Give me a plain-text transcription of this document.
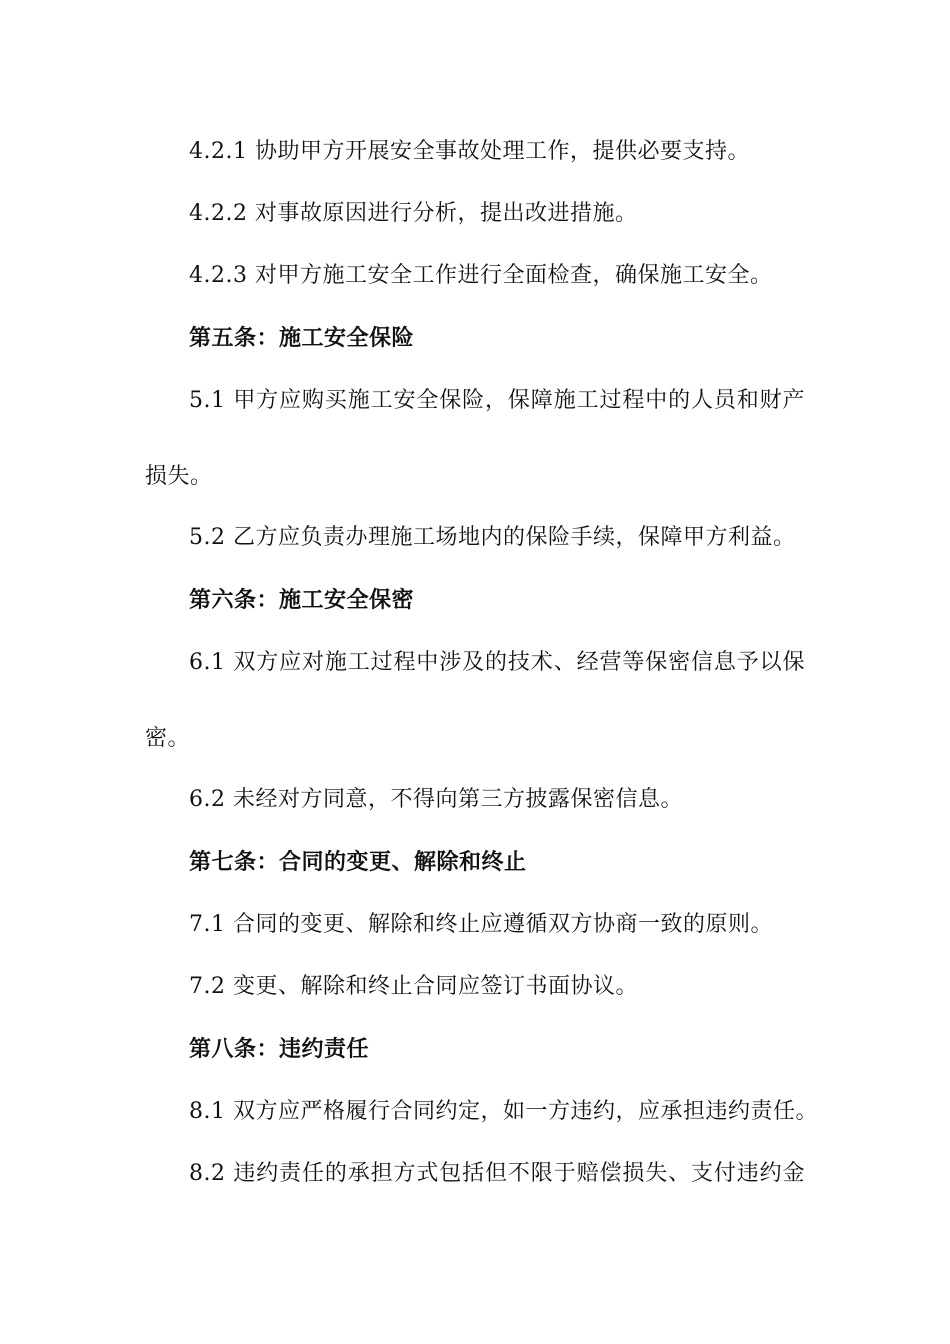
4.2.1 协助甲方开展安全事故处理工作，提供必要支持。
4.2.2 对事故原因进行分析，提出改进措施。
4.2.3 对甲方施工安全工作进行全面检查，确保施工安全。
第五条：施工安全保险
5.1 甲方应购买施工安全保险，保障施工过程中的人员和财产
损失。
5.2 乙方应负责办理施工场地内的保险手续，保障甲方利益。
第六条：施工安全保密
6.1 双方应对施工过程中涉及的技术、经营等保密信息予以保
密。
6.2 未经对方同意，不得向第三方披露保密信息。
第七条：合同的变更、解除和终止
7.1 合同的变更、解除和终止应遵循双方协商一致的原则。
7.2 变更、解除和终止合同应签订书面协议。
第八条：违约责任
8.1 双方应严格履行合同约定，如一方违约，应承担违约责任。
8.2 违约责任的承担方式包括但不限于赔偿损失、支付违约金
